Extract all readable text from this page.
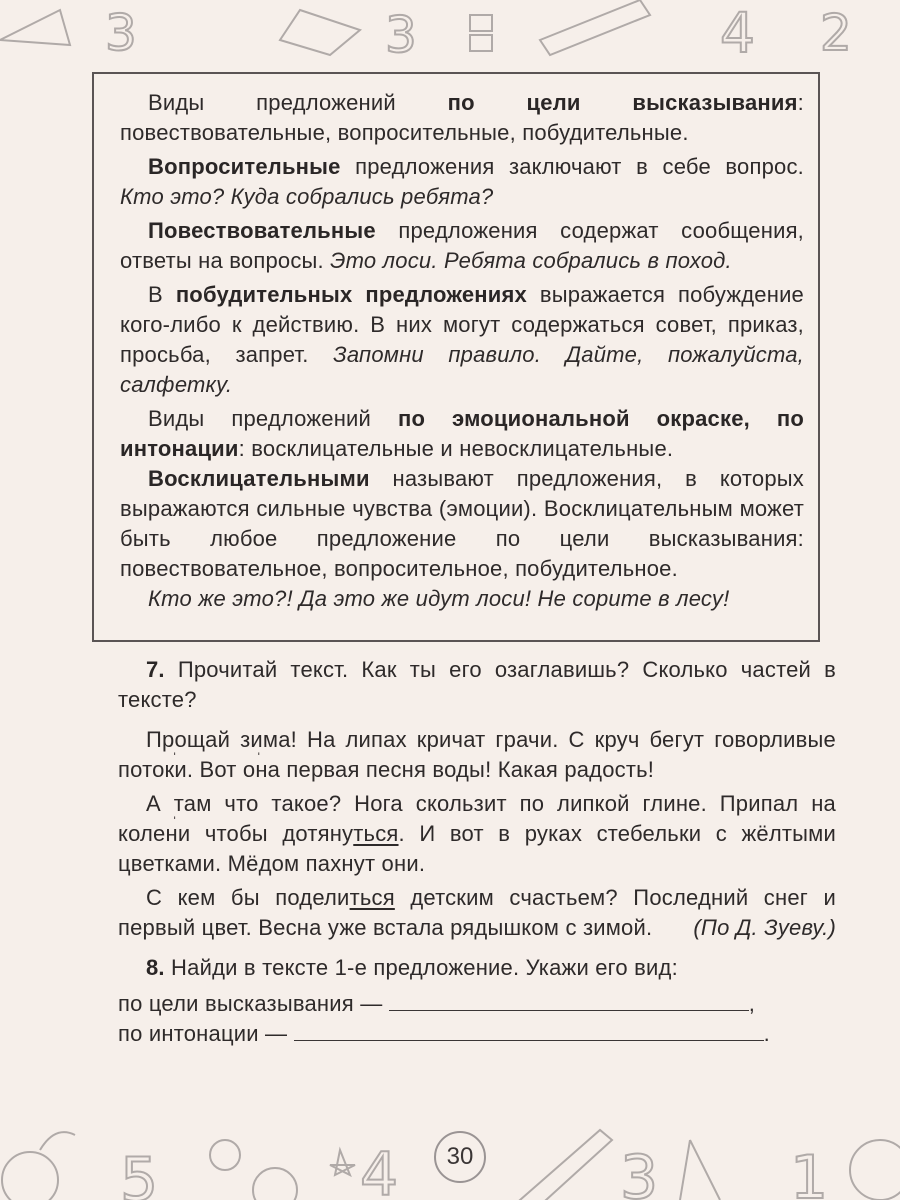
3	3	4 2

Виды предложений по цели высказывания: повествовательные, вопросительные, побудительные.

Вопросительные предложения заключают в себе вопрос. Кто это? Куда собрались ребята?

Повествовательные предложения содержат сообщения, ответы на вопросы. Это лоси. Ребята собрались в поход.

В побудительных предложениях выражается побуждение кого-либо к действию. В них могут содержаться совет, приказ, просьба, запрет. Запомни правило. Дайте, пожалуйста, салфетку.

Виды предложений по эмоциональной окраске, по интонации: восклицательные и невосклицательные.

Восклицательными называют предложения, в которых выражаются сильные чувства (эмоции). Восклицательным может быть любое предложение по цели высказывания: повествовательное, вопросительное, побудительное.

Кто же это?! Да это же идут лоси! Не сорите в лесу!

7. Прочитай текст. Как ты его озаглавишь? Сколько частей в тексте?

Прощай ˌ зима! На липах кричат грачи. С круч бегут говорливые потоки. Вот она ˌ первая песня воды! Какая радость!

А там что такое? Нога скользит по липкой глине. Припал на колени ˌ чтобы дотянуться. И вот в руках стебельки с жёлтыми цветками. Мёдом пахнут они.

С кем бы поделиться детским счастьем? Последний снег и первый цвет. Весна уже встала рядышком с зимой.	(По Д. Зуеву.)

8. Найди в тексте 1-е предложение. Укажи его вид:

по цели высказывания —	,

по интонации —	.

5	4	3 1
30
